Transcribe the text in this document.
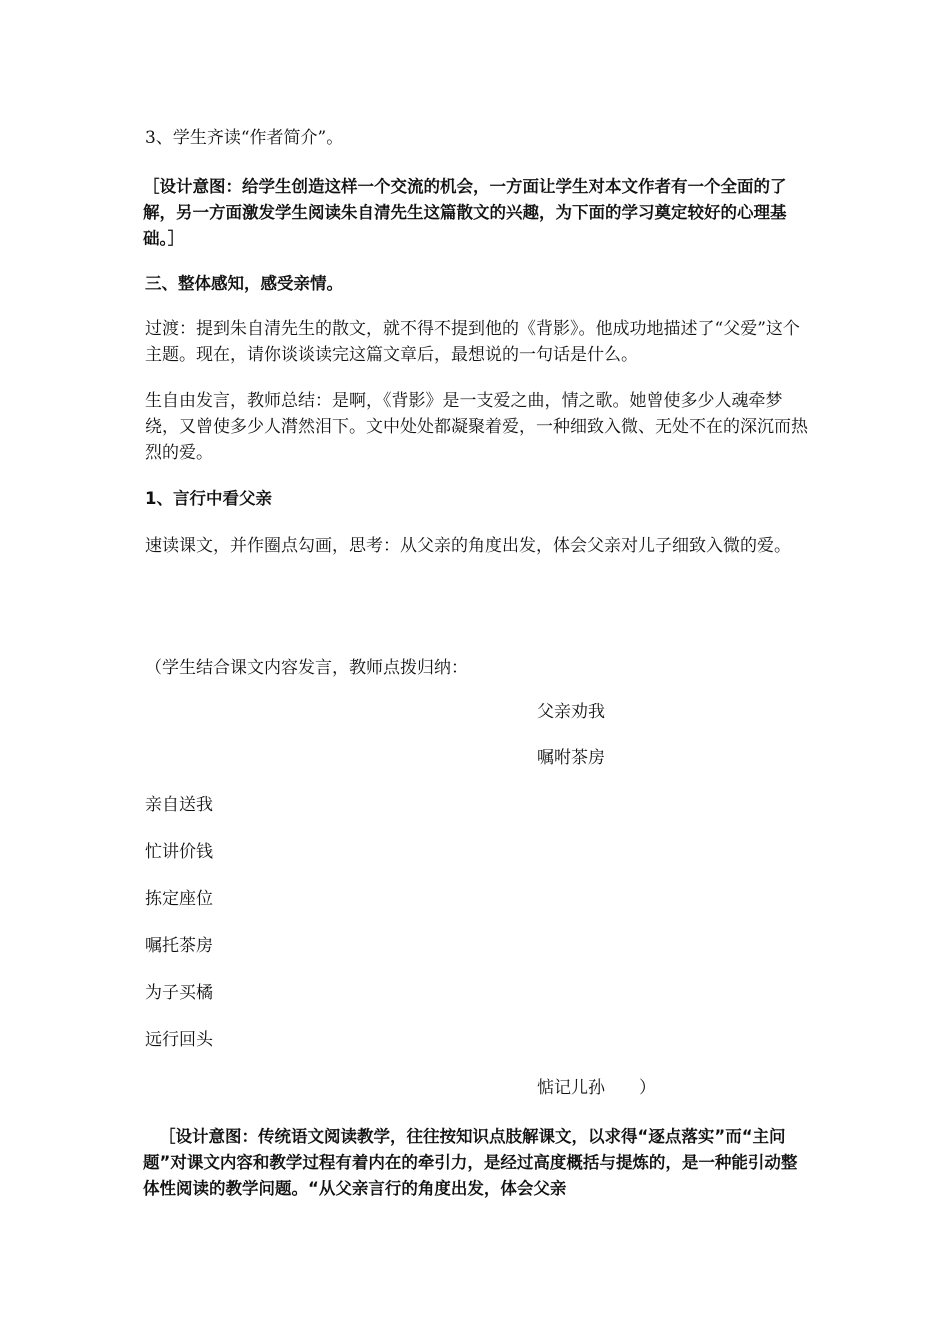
3、学生齐读“作者简介”。

［设计意图：给学生创造这样一个交流的机会，一方面让学生对本文作者有一个全面的了解，另一方面激发学生阅读朱自清先生这篇散文的兴趣，为下面的学习奠定较好的心理基础。］

三、整体感知，感受亲情。

过渡：提到朱自清先生的散文，就不得不提到他的《背影》。他成功地描述了“父爱”这个主题。现在，请你谈谈读完这篇文章后，最想说的一句话是什么。

生自由发言，教师总结：是啊，《背影》是一支爱之曲，情之歌。她曾使多少人魂牵梦绕，又曾使多少人潸然泪下。文中处处都凝聚着爱，一种细致入微、无处不在的深沉而热烈的爱。

1、言行中看父亲

速读课文，并作圈点勾画，思考：从父亲的角度出发，体会父亲对儿子细致入微的爱。

（学生结合课文内容发言，教师点拨归纳：

父亲劝我
嘱咐茶房
亲自送我
忙讲价钱
拣定座位
嘱托茶房
为子买橘
远行回头
惦记儿孙　　）

［设计意图：传统语文阅读教学，往往按知识点肢解课文，以求得“逐点落实”而“主问题”对课文内容和教学过程有着内在的牵引力，是经过高度概括与提炼的，是一种能引动整体性阅读的教学问题。“从父亲言行的角度出发，体会父亲
